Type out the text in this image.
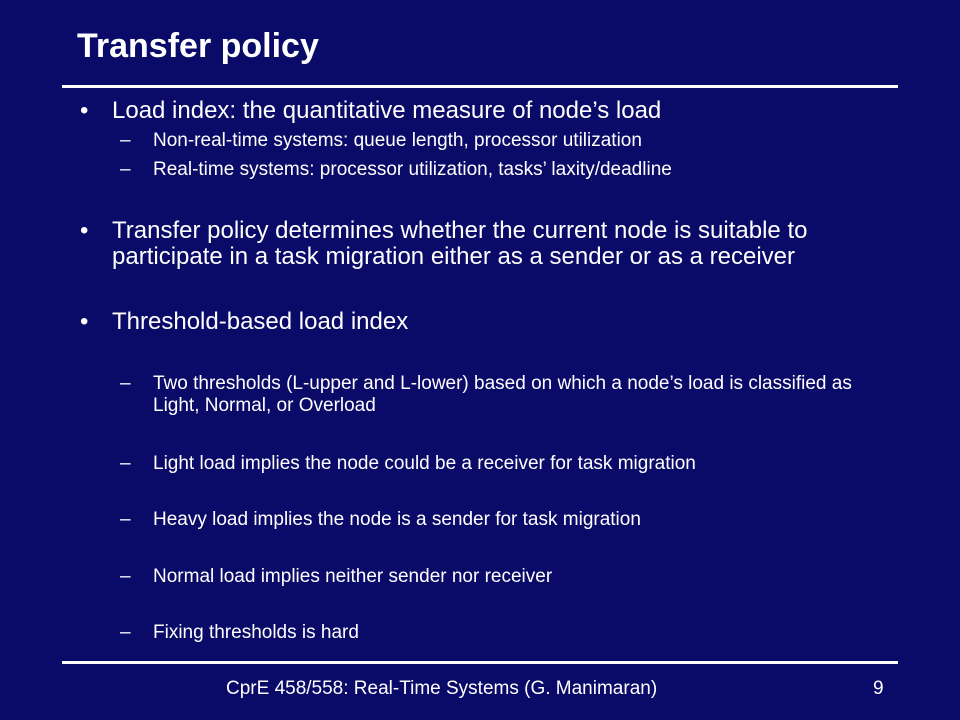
Transfer policy
• Load index: the quantitative measure of node’s load
– Non-real-time systems: queue length, processor utilization
– Real-time systems: processor utilization, tasks’ laxity/deadline
• Transfer policy determines whether the current node is suitable to participate in a task migration either as a sender or as a receiver
• Threshold-based load index
– Two thresholds (L-upper and L-lower) based on which a node’s load is classified as Light, Normal, or Overload
– Light load implies the node could be a receiver for task migration
– Heavy load implies the node is a sender for task migration
– Normal load implies neither sender nor receiver
– Fixing thresholds is hard
CprE 458/558: Real-Time Systems (G. Manimaran)	9
